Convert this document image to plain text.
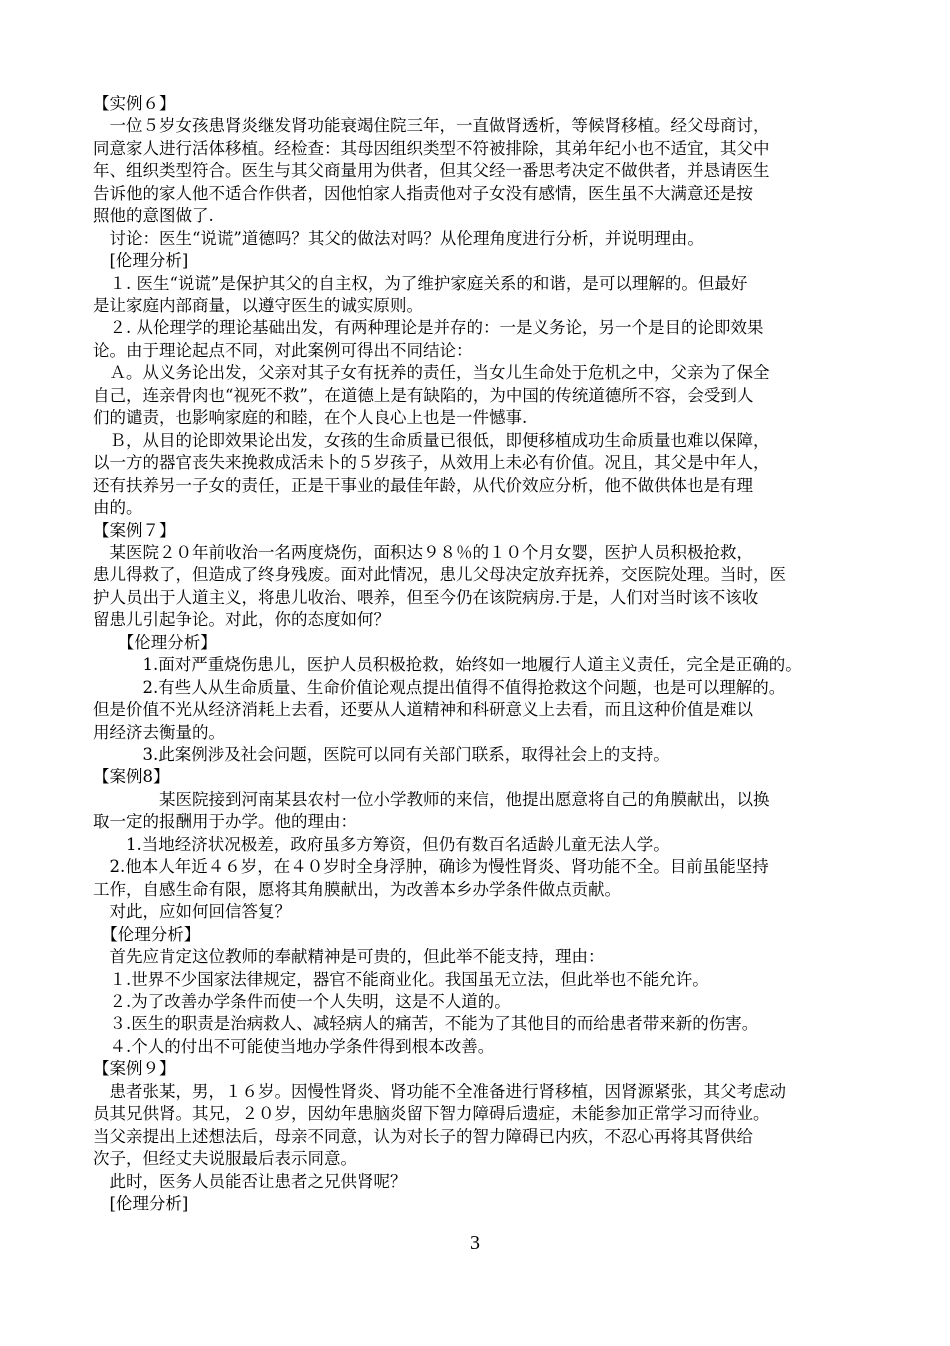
【实例６】
　一位５岁女孩患肾炎继发肾功能衰竭住院三年，一直做肾透析，等候肾移植。经父母商讨，
同意家人进行活体移植。经检查：其母因组织类型不符被排除，其弟年纪小也不适宜，其父中
年、组织类型符合。医生与其父商量用为供者，但其父经一番思考决定不做供者，并恳请医生
告诉他的家人他不适合作供者，因他怕家人指责他对子女没有感情，医生虽不大满意还是按
照他的意图做了.
　讨论：医生“说谎”道德吗？其父的做法对吗？从伦理角度进行分析，并说明理由。
　[伦理分析]
　１. 医生“说谎”是保护其父的自主权，为了维护家庭关系的和谐，是可以理解的。但最好
是让家庭内部商量，以遵守医生的诚实原则。
　２. 从伦理学的理论基础出发，有两种理论是并存的：一是义务论，另一个是目的论即效果
论。由于理论起点不同，对此案例可得出不同结论：
　Ａ。从义务论出发，父亲对其子女有抚养的责任，当女儿生命处于危机之中，父亲为了保全
自己，连亲骨肉也“视死不救”，在道德上是有缺陷的，为中国的传统道德所不容，会受到人
们的谴责，也影响家庭的和睦，在个人良心上也是一件憾事.
　Ｂ，从目的论即效果论出发，女孩的生命质量已很低，即便移植成功生命质量也难以保障，
以一方的器官丧失来挽救成活未卜的５岁孩子，从效用上未必有价值。况且，其父是中年人，
还有扶养另一子女的责任，正是干事业的最佳年龄，从代价效应分析，他不做供体也是有理
由的。
【案例７】
　某医院２０年前收治一名两度烧伤，面积达９８％的１０个月女婴，医护人员积极抢救，
患儿得救了，但造成了终身残废。面对此情况，患儿父母决定放弃抚养，交医院处理。当时，医
护人员出于人道主义，将患儿收治、喂养，但至今仍在该院病房.于是，人们对当时该不该收
留患儿引起争论。对此，你的态度如何？
　　【伦理分析】
　　　1.面对严重烧伤患儿，医护人员积极抢救，始终如一地履行人道主义责任，完全是正确的。
　　　2.有些人从生命质量、生命价值论观点提出值得不值得抢救这个问题，也是可以理解的。
但是价值不光从经济消耗上去看，还要从人道精神和科研意义上去看，而且这种价值是难以
用经济去衡量的。
　　　3.此案例涉及社会问题，医院可以同有关部门联系，取得社会上的支持。
【案例8】
　　　　某医院接到河南某县农村一位小学教师的来信，他提出愿意将自己的角膜献出，以换
取一定的报酬用于办学。他的理由：
　　1.当地经济状况极差，政府虽多方筹资，但仍有数百名适龄儿童无法人学。
　2.他本人年近４６岁，在４０岁时全身浮肿，确诊为慢性肾炎、肾功能不全。目前虽能坚持
工作，自感生命有限，愿将其角膜献出，为改善本乡办学条件做点贡献。
　对此，应如何回信答复？
　【伦理分析】
　首先应肯定这位教师的奉献精神是可贵的，但此举不能支持，理由：
　１.世界不少国家法律规定，器官不能商业化。我国虽无立法，但此举也不能允许。
　２.为了改善办学条件而使一个人失明，这是不人道的。
　３.医生的职责是治病救人、减轻病人的痛苦，不能为了其他目的而给患者带来新的伤害。
　４.个人的付出不可能使当地办学条件得到根本改善。
【案例９】
　患者张某，男，１６岁。因慢性肾炎、肾功能不全准备进行肾移植，因肾源紧张，其父考虑动
员其兄供肾。其兄，２０岁，因幼年患脑炎留下智力障碍后遗症，未能参加正常学习而待业。
当父亲提出上述想法后，母亲不同意，认为对长子的智力障碍已内疚，不忍心再将其肾供给
次子，但经丈夫说服最后表示同意。
　此时，医务人员能否让患者之兄供肾呢？
　[伦理分析]
3
